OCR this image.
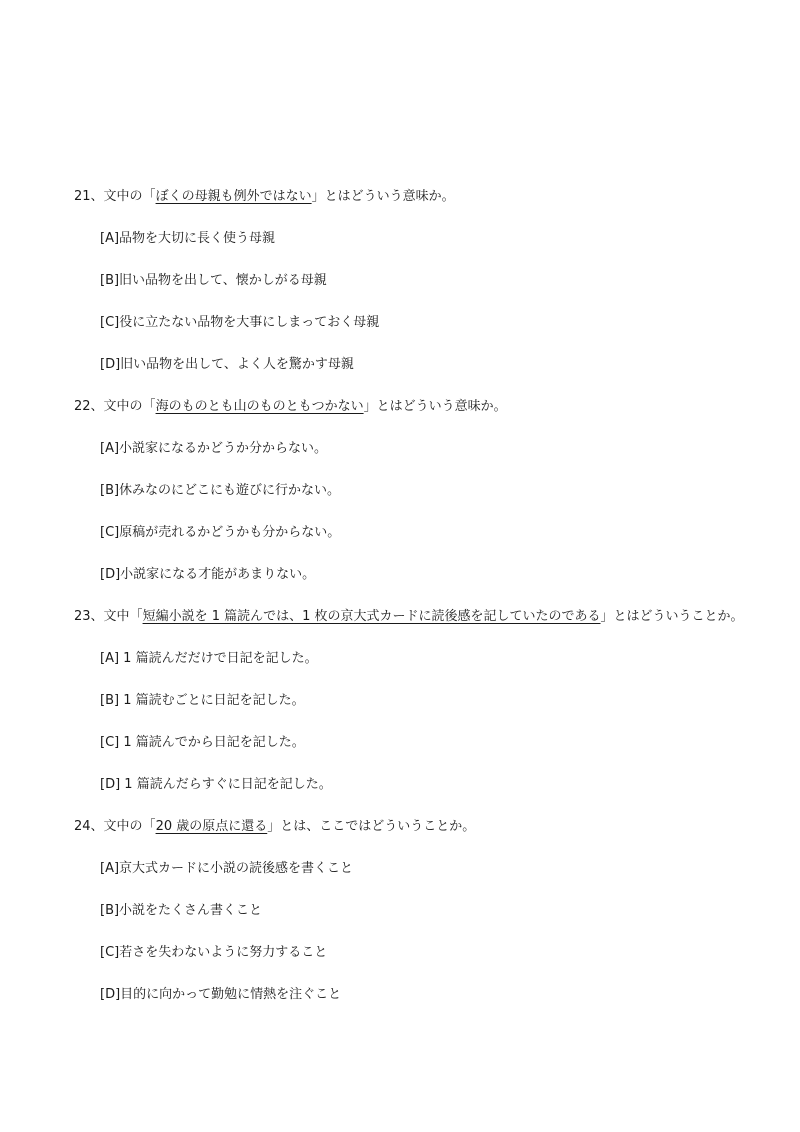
21、文中の「ぼくの母親も例外ではない」とはどういう意味か。
[A]品物を大切に長く使う母親
[B]旧い品物を出して、懐かしがる母親
[C]役に立たない品物を大事にしまっておく母親
[D]旧い品物を出して、よく人を驚かす母親
22、文中の「海のものとも山のものともつかない」とはどういう意味か。
[A]小説家になるかどうか分からない。
[B]休みなのにどこにも遊びに行かない。
[C]原稿が売れるかどうかも分からない。
[D]小説家になる才能があまりない。
23、文中「短編小説を 1 篇読んでは、1 枚の京大式カードに読後感を記していたのである」とはどういうことか。
[A] 1 篇読んだだけで日記を記した。
[B] 1 篇読むごとに日記を記した。
[C] 1 篇読んでから日記を記した。
[D] 1 篇読んだらすぐに日記を記した。
24、文中の「20 歳の原点に還る」とは、ここではどういうことか。
[A]京大式カードに小説の読後感を書くこと
[B]小説をたくさん書くこと
[C]若さを失わないように努力すること
[D]目的に向かって勤勉に情熱を注ぐこと
